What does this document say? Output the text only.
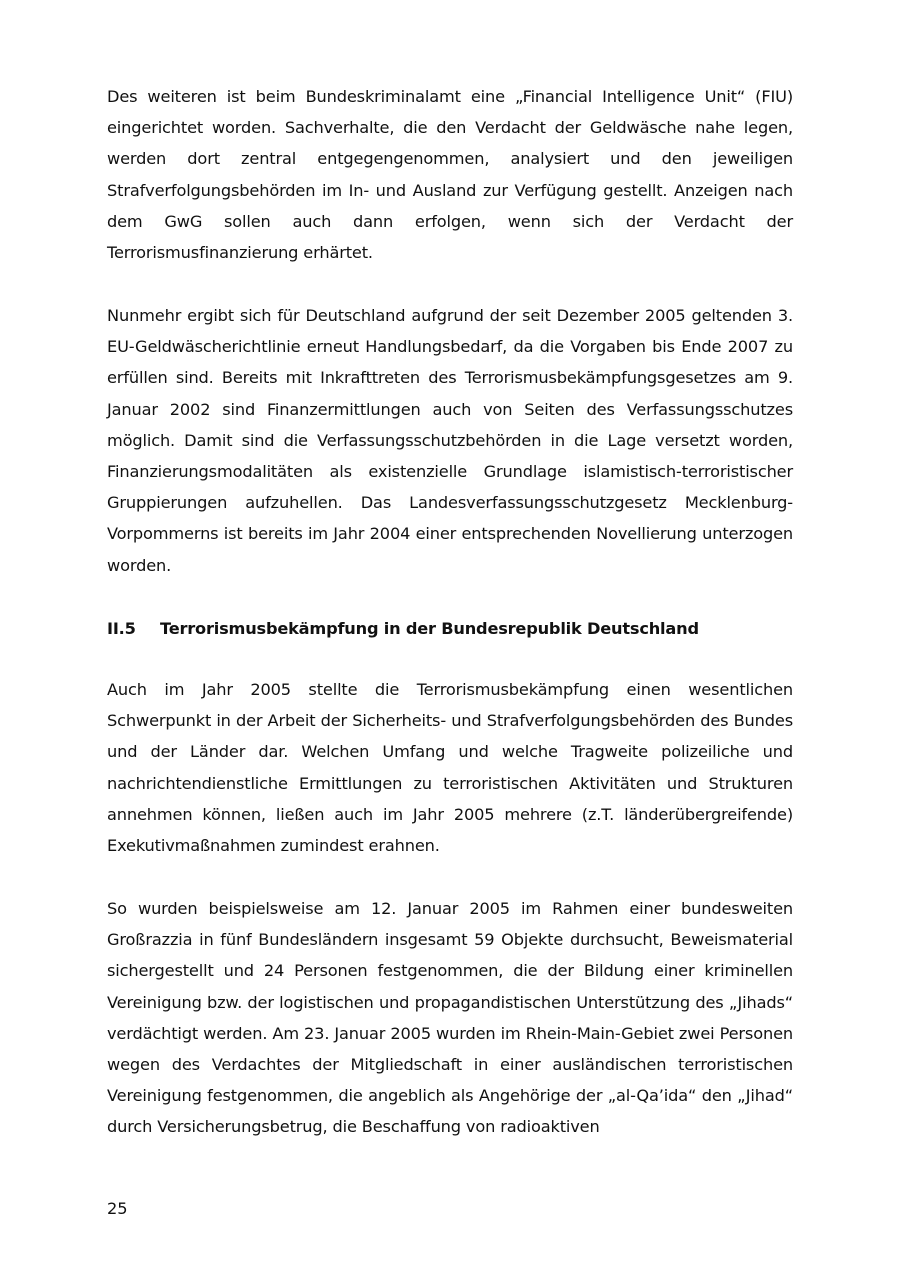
Des weiteren ist beim Bundeskriminalamt eine „Financial Intelligence Unit“ (FIU) eingerichtet worden. Sachverhalte, die den Verdacht der Geldwäsche nahe legen, werden dort zentral entgegengenommen, analysiert und den jeweiligen Strafverfolgungsbehörden im In- und Ausland zur Verfügung gestellt. Anzeigen nach dem GwG sollen auch dann erfolgen, wenn sich der Verdacht der Terrorismusfinanzierung erhärtet.

Nunmehr ergibt sich für Deutschland aufgrund der seit Dezember 2005 geltenden 3. EU-Geldwäscherichtlinie erneut Handlungsbedarf, da die Vorgaben bis Ende 2007 zu erfüllen sind. Bereits mit Inkrafttreten des Terrorismusbekämpfungsgesetzes am 9. Januar 2002 sind Finanzermittlungen auch von Seiten des Verfassungsschutzes möglich. Damit sind die Verfassungsschutzbehörden in die Lage versetzt worden, Finanzierungsmodalitäten als existenzielle Grundlage islamistisch-terroristischer Gruppierungen aufzuhellen. Das Landesverfassungsschutzgesetz Mecklenburg-Vorpommerns ist bereits im Jahr 2004 einer entsprechenden Novellierung unterzogen worden.

II.5 Terrorismusbekämpfung in der Bundesrepublik Deutschland

Auch im Jahr 2005 stellte die Terrorismusbekämpfung einen wesentlichen Schwerpunkt in der Arbeit der Sicherheits- und Strafverfolgungsbehörden des Bundes und der Länder dar. Welchen Umfang und welche Tragweite polizeiliche und nachrichtendienstliche Ermittlungen zu terroristischen Aktivitäten und Strukturen annehmen können, ließen auch im Jahr 2005 mehrere (z.T. länderübergreifende) Exekutivmaßnahmen zumindest erahnen.

So wurden beispielsweise am 12. Januar 2005 im Rahmen einer bundesweiten Großrazzia in fünf Bundesländern insgesamt 59 Objekte durchsucht, Beweismaterial sichergestellt und 24 Personen festgenommen, die der Bildung einer kriminellen Vereinigung bzw. der logistischen und propagandistischen Unterstützung des „Jihads“ verdächtigt werden. Am 23. Januar 2005 wurden im Rhein-Main-Gebiet zwei Personen wegen des Verdachtes der Mitgliedschaft in einer ausländischen terroristischen Vereinigung festgenommen, die angeblich als Angehörige der „al-Qa’ida“ den „Jihad“ durch Versicherungsbetrug, die Beschaffung von radioaktiven

25
